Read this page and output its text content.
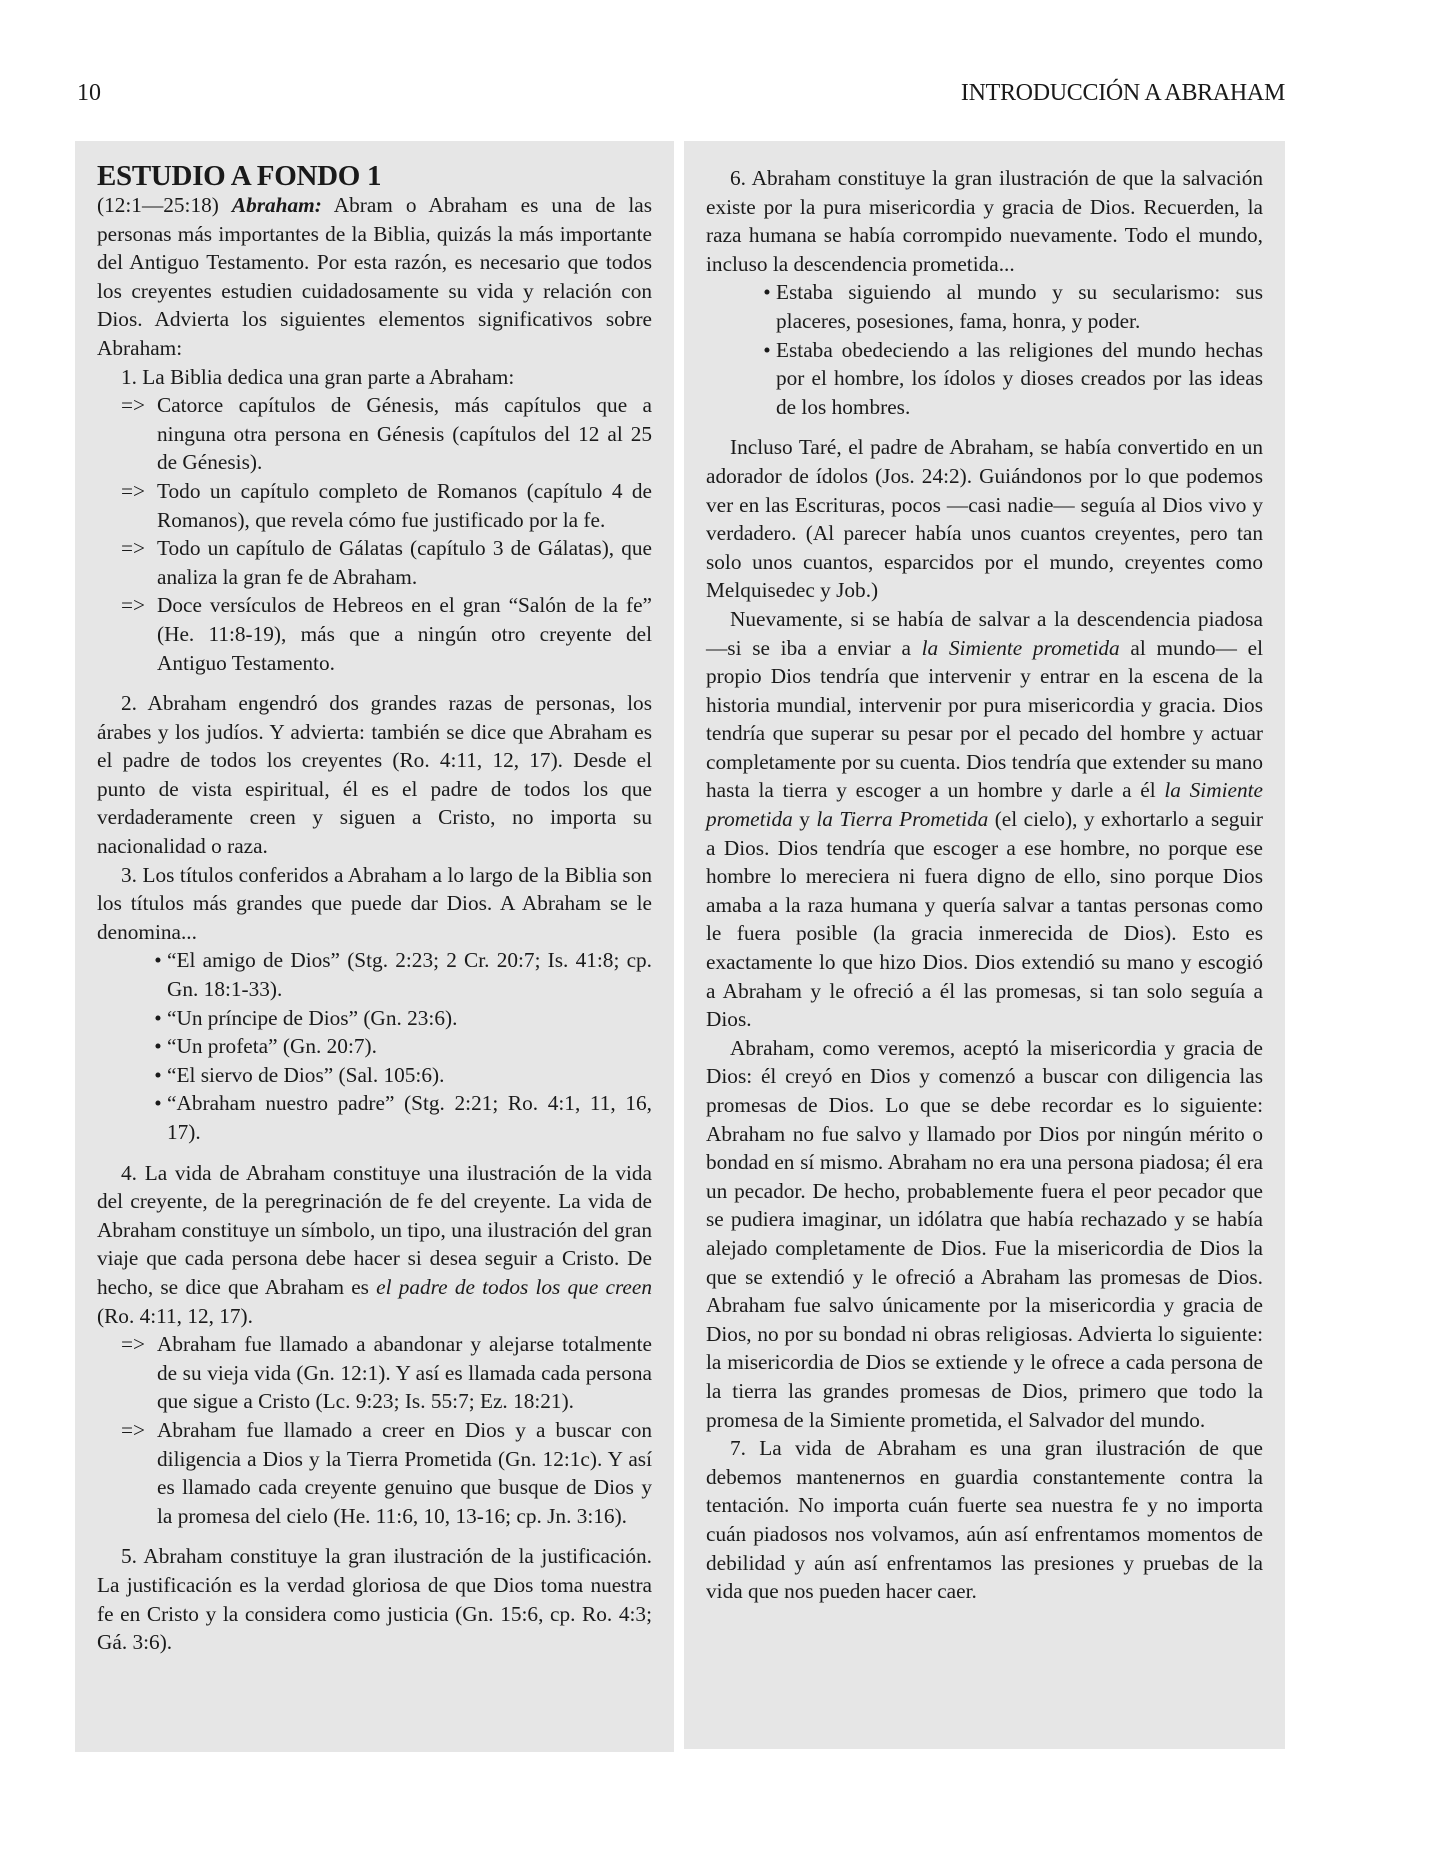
10	INTRODUCCIÓN A ABRAHAM
ESTUDIO A FONDO 1

(12:1—25:18) Abraham: Abram o Abraham es una de las personas más importantes de la Biblia, quizás la más importante del Antiguo Testamento. Por esta razón, es necesario que todos los creyentes estudien cuidadosamente su vida y relación con Dios. Advierta los siguientes elementos significativos sobre Abraham:

1. La Biblia dedica una gran parte a Abraham:

=> Catorce capítulos de Génesis, más capítulos que a ninguna otra persona en Génesis (capítulos del 12 al 25 de Génesis).
=> Todo un capítulo completo de Romanos (capítulo 4 de Romanos), que revela cómo fue justificado por la fe.
=> Todo un capítulo de Gálatas (capítulo 3 de Gálatas), que analiza la gran fe de Abraham.
=> Doce versículos de Hebreos en el gran “Salón de la fe” (He. 11:8-19), más que a ningún otro creyente del Antiguo Testamento.

2. Abraham engendró dos grandes razas de personas, los árabes y los judíos. Y advierta: también se dice que Abraham es el padre de todos los creyentes (Ro. 4:11, 12, 17). Desde el punto de vista espiritual, él es el padre de todos los que verdaderamente creen y siguen a Cristo, no importa su nacionalidad o raza.

3. Los títulos conferidos a Abraham a lo largo de la Biblia son los títulos más grandes que puede dar Dios. A Abraham se le denomina...

• “El amigo de Dios” (Stg. 2:23; 2 Cr. 20:7; Is. 41:8; cp. Gn. 18:1-33).
• “Un príncipe de Dios” (Gn. 23:6).
• “Un profeta” (Gn. 20:7).
• “El siervo de Dios” (Sal. 105:6).
• “Abraham nuestro padre” (Stg. 2:21; Ro. 4:1, 11, 16, 17).

4. La vida de Abraham constituye una ilustración de la vida del creyente, de la peregrinación de fe del creyente. La vida de Abraham constituye un símbolo, un tipo, una ilustración del gran viaje que cada persona debe hacer si desea seguir a Cristo. De hecho, se dice que Abraham es el padre de todos los que creen (Ro. 4:11, 12, 17).

=> Abraham fue llamado a abandonar y alejarse totalmente de su vieja vida (Gn. 12:1). Y así es llamada cada persona que sigue a Cristo (Lc. 9:23; Is. 55:7; Ez. 18:21).
=> Abraham fue llamado a creer en Dios y a buscar con diligencia a Dios y la Tierra Prometida (Gn. 12:1c). Y así es llamado cada creyente genuino que busque de Dios y la promesa del cielo (He. 11:6, 10, 13-16; cp. Jn. 3:16).

5. Abraham constituye la gran ilustración de la justificación. La justificación es la verdad gloriosa de que Dios toma nuestra fe en Cristo y la considera como justicia (Gn. 15:6, cp. Ro. 4:3; Gá. 3:6).

6. Abraham constituye la gran ilustración de que la salvación existe por la pura misericordia y gracia de Dios. Recuerden, la raza humana se había corrompido nuevamente. Todo el mundo, incluso la descendencia prometida...

• Estaba siguiendo al mundo y su secularismo: sus placeres, posesiones, fama, honra, y poder.
• Estaba obedeciendo a las religiones del mundo hechas por el hombre, los ídolos y dioses creados por las ideas de los hombres.

Incluso Taré, el padre de Abraham, se había convertido en un adorador de ídolos (Jos. 24:2). Guiándonos por lo que podemos ver en las Escrituras, pocos —casi nadie— seguía al Dios vivo y verdadero. (Al parecer había unos cuantos creyentes, pero tan solo unos cuantos, esparcidos por el mundo, creyentes como Melquisedec y Job.)

Nuevamente, si se había de salvar a la descendencia piadosa —si se iba a enviar a la Simiente prometida al mundo— el propio Dios tendría que intervenir y entrar en la escena de la historia mundial, intervenir por pura misericordia y gracia. Dios tendría que superar su pesar por el pecado del hombre y actuar completamente por su cuenta. Dios tendría que extender su mano hasta la tierra y escoger a un hombre y darle a él la Simiente prometida y la Tierra Prometida (el cielo), y exhortarlo a seguir a Dios. Dios tendría que escoger a ese hombre, no porque ese hombre lo mereciera ni fuera digno de ello, sino porque Dios amaba a la raza humana y quería salvar a tantas personas como le fuera posible (la gracia inmerecida de Dios). Esto es exactamente lo que hizo Dios. Dios extendió su mano y escogió a Abraham y le ofreció a él las promesas, si tan solo seguía a Dios.

Abraham, como veremos, aceptó la misericordia y gracia de Dios: él creyó en Dios y comenzó a buscar con diligencia las promesas de Dios. Lo que se debe recordar es lo siguiente: Abraham no fue salvo y llamado por Dios por ningún mérito o bondad en sí mismo. Abraham no era una persona piadosa; él era un pecador. De hecho, probablemente fuera el peor pecador que se pudiera imaginar, un idólatra que había rechazado y se había alejado completamente de Dios. Fue la misericordia de Dios la que se extendió y le ofreció a Abraham las promesas de Dios. Abraham fue salvo únicamente por la misericordia y gracia de Dios, no por su bondad ni obras religiosas. Advierta lo siguiente: la misericordia de Dios se extiende y le ofrece a cada persona de la tierra las grandes promesas de Dios, primero que todo la promesa de la Simiente prometida, el Salvador del mundo.

7. La vida de Abraham es una gran ilustración de que debemos mantenernos en guardia constantemente contra la tentación. No importa cuán fuerte sea nuestra fe y no importa cuán piadosos nos volvamos, aún así enfrentamos momentos de debilidad y aún así enfrentamos las presiones y pruebas de la vida que nos pueden hacer caer.
